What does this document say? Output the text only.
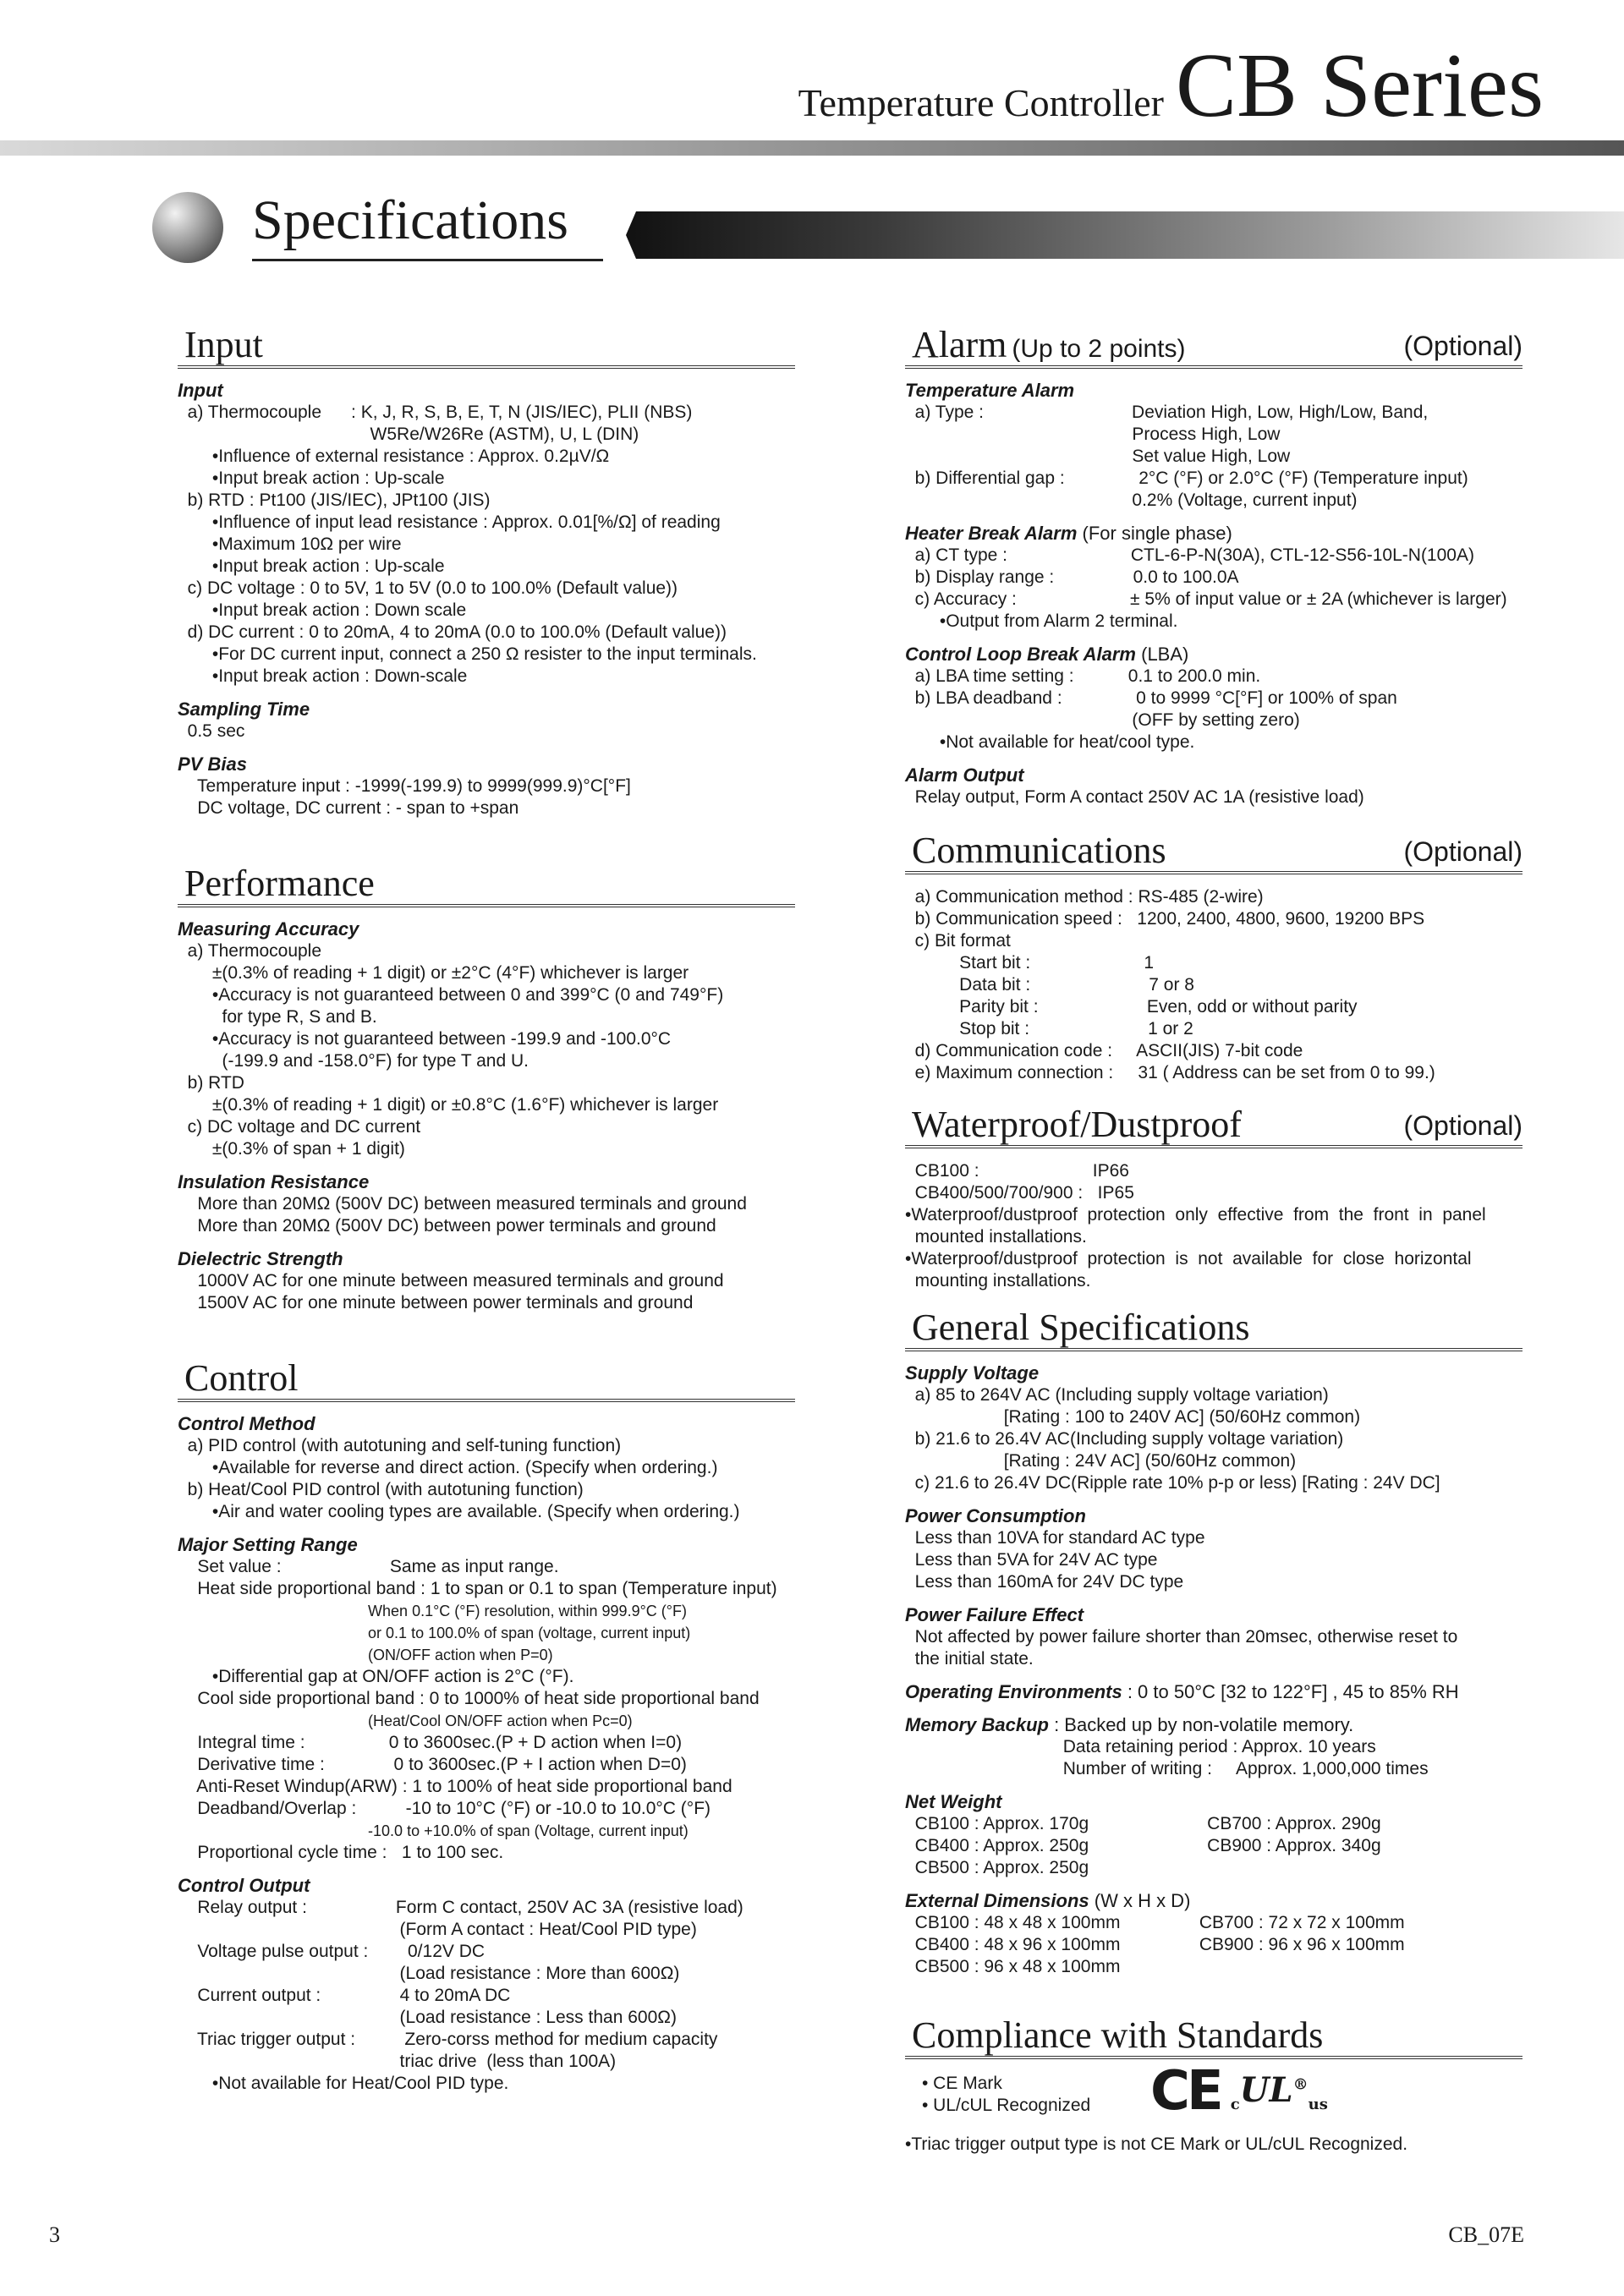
Temperature Controller CB Series
Specifications
Input
Input
a) Thermocouple      : K, J, R, S, B, E, T, N (JIS/IEC), PLII (NBS)
W5Re/W26Re (ASTM), U, L (DIN)
•Influence of external resistance : Approx. 0.2µV/Ω
•Input break action : Up-scale
b) RTD : Pt100 (JIS/IEC), JPt100 (JIS)
•Influence of input lead resistance : Approx. 0.01[%/Ω] of reading
•Maximum 10Ω per wire
•Input break action : Up-scale
c) DC voltage : 0 to 5V, 1 to 5V (0.0 to 100.0% (Default value))
•Input break action : Down scale
d) DC current : 0 to 20mA, 4 to 20mA (0.0 to 100.0% (Default value))
•For DC current input, connect a 250 Ω resister to the input terminals.
•Input break action : Down-scale
Sampling Time
0.5 sec
PV Bias
Temperature input : -1999(-199.9) to 9999(999.9)°C[°F]
DC voltage, DC current : - span to +span
Performance
Measuring Accuracy
a) Thermocouple
±(0.3% of reading + 1 digit) or ±2°C (4°F) whichever is larger
•Accuracy is not guaranteed between 0 and 399°C (0 and 749°F)
for type R, S and B.
•Accuracy is not guaranteed between -199.9 and -100.0°C
(-199.9 and -158.0°F) for type T and U.
b) RTD
±(0.3% of reading + 1 digit) or ±0.8°C (1.6°F) whichever is larger
c) DC voltage and DC current
±(0.3% of span + 1 digit)
Insulation Resistance
More than 20MΩ (500V DC) between measured terminals and ground
More than 20MΩ (500V DC) between power terminals and ground
Dielectric Strength
1000V AC for one minute between measured terminals and ground
1500V AC for one minute between power terminals and ground
Control
Control Method
a) PID control (with autotuning and self-tuning function)
•Available for reverse and direct action. (Specify when ordering.)
b) Heat/Cool PID control (with autotuning function)
•Air and water cooling types are available. (Specify when ordering.)
Major Setting Range
Set value :                      Same as input range.
Heat side proportional band : 1 to span or 0.1 to span (Temperature input)
When 0.1°C (°F) resolution, within 999.9°C (°F)
or 0.1 to 100.0% of span (voltage, current input)
(ON/OFF action when P=0)
•Differential gap at ON/OFF action is 2°C (°F).
Cool side proportional band : 0 to 1000% of heat side proportional band
(Heat/Cool ON/OFF action when Pc=0)
Integral time :                 0 to 3600sec.(P + D action when I=0)
Derivative time :              0 to 3600sec.(P + I action when D=0)
Anti-Reset Windup(ARW) : 1 to 100% of heat side proportional band
Deadband/Overlap :          -10 to 10°C (°F) or -10.0 to 10.0°C (°F)
-10.0 to +10.0% of span (Voltage, current input)
Proportional cycle time :   1 to 100 sec.
Control Output
Relay output :                  Form C contact, 250V AC 3A (resistive load)
(Form A contact : Heat/Cool PID type)
Voltage pulse output :        0/12V DC
(Load resistance : More than 600Ω)
Current output :                4 to 20mA DC
(Load resistance : Less than 600Ω)
Triac trigger output :          Zero-corss method for medium capacity
triac drive  (less than 100A)
•Not available for Heat/Cool PID type.
Alarm (Up to 2 points)	(Optional)
Temperature Alarm
a) Type :                              Deviation High, Low, High/Low, Band,
Process High, Low
Set value High, Low
b) Differential gap :               2°C (°F) or 2.0°C (°F) (Temperature input)
0.2% (Voltage, current input)
Heater Break Alarm (For single phase)
a) CT type :                         CTL-6-P-N(30A), CTL-12-S56-10L-N(100A)
b) Display range :                0.0 to 100.0A
c) Accuracy :                       ± 5% of input value or ± 2A (whichever is larger)
•Output from Alarm 2 terminal.
Control Loop Break Alarm (LBA)
a) LBA time setting :           0.1 to 200.0 min.
b) LBA deadband :               0 to 9999 °C[°F] or 100% of span
(OFF by setting zero)
•Not available for heat/cool type.
Alarm Output
Relay output, Form A contact 250V AC 1A (resistive load)
Communications	(Optional)
a) Communication method : RS-485 (2-wire)
b) Communication speed :   1200, 2400, 4800, 9600, 19200 BPS
c) Bit format
Start bit :                       1
Data bit :                        7 or 8
Parity bit :                      Even, odd or without parity
Stop bit :                        1 or 2
d) Communication code :     ASCII(JIS) 7-bit code
e) Maximum connection :     31 ( Address can be set from 0 to 99.)
Waterproof/Dustproof	(Optional)
CB100 :                       IP66
CB400/500/700/900 :   IP65
•Waterproof/dustproof  protection  only  effective  from  the  front  in  panel
mounted installations.
•Waterproof/dustproof  protection  is  not  available  for  close  horizontal
mounting installations.
General Specifications
Supply Voltage
a) 85 to 264V AC (Including supply voltage variation)
[Rating : 100 to 240V AC] (50/60Hz common)
b) 21.6 to 26.4V AC(Including supply voltage variation)
[Rating : 24V AC] (50/60Hz common)
c) 21.6 to 26.4V DC(Ripple rate 10% p-p or less) [Rating : 24V DC]
Power Consumption
Less than 10VA for standard AC type
Less than 5VA for 24V AC type
Less than 160mA for 24V DC type
Power Failure Effect
Not affected by power failure shorter than 20msec, otherwise reset to
the initial state.
Operating Environments : 0 to 50°C [32 to 122°F] , 45 to 85% RH
Memory Backup : Backed up by non-volatile memory.
Data retaining period : Approx. 10 years
Number of writing :     Approx. 1,000,000 times
Net Weight
CB100 : Approx. 170g                        CB700 : Approx. 290g
CB400 : Approx. 250g                        CB900 : Approx. 340g
CB500 : Approx. 250g
External Dimensions (W x H x D)
CB100 : 48 x 48 x 100mm                CB700 : 72 x 72 x 100mm
CB400 : 48 x 96 x 100mm                CB900 : 96 x 96 x 100mm
CB500 : 96 x 48 x 100mm
Compliance with Standards
• CE Mark
• UL/cUL Recognized	CE $_cUL®_{us}$
•Triac trigger output type is not CE Mark or UL/cUL Recognized.
3	CB_07E
